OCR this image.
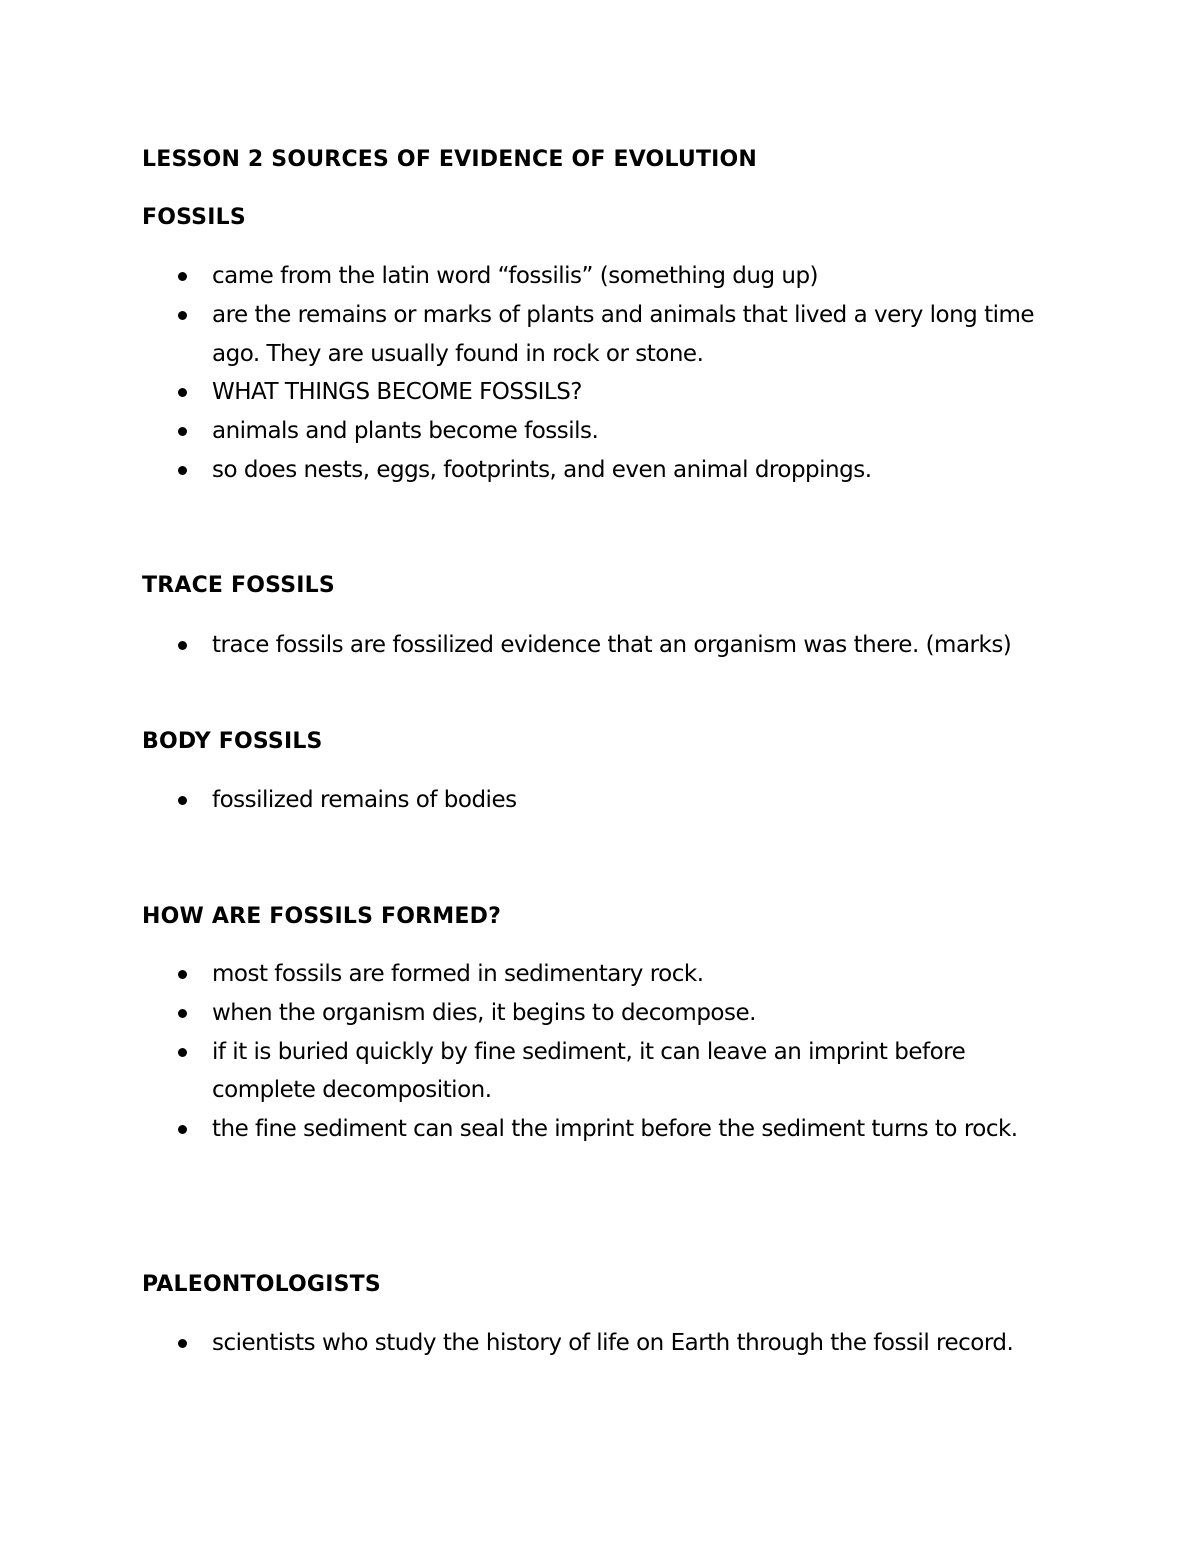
LESSON 2 SOURCES OF EVIDENCE OF EVOLUTION
FOSSILS
came from the latin word “fossilis” (something dug up)
are the remains or marks of plants and animals that lived a very long time ago. They are usually found in rock or stone.
WHAT THINGS BECOME FOSSILS?
animals and plants become fossils.
so does nests, eggs, footprints, and even animal droppings.
TRACE FOSSILS
trace fossils are fossilized evidence that an organism was there. (marks)
BODY FOSSILS
fossilized remains of bodies
HOW ARE FOSSILS FORMED?
most fossils are formed in sedimentary rock.
when the organism dies, it begins to decompose.
if it is buried quickly by fine sediment, it can leave an imprint before complete decomposition.
the fine sediment can seal the imprint before the sediment turns to rock.
PALEONTOLOGISTS
scientists who study the history of life on Earth through the fossil record.
